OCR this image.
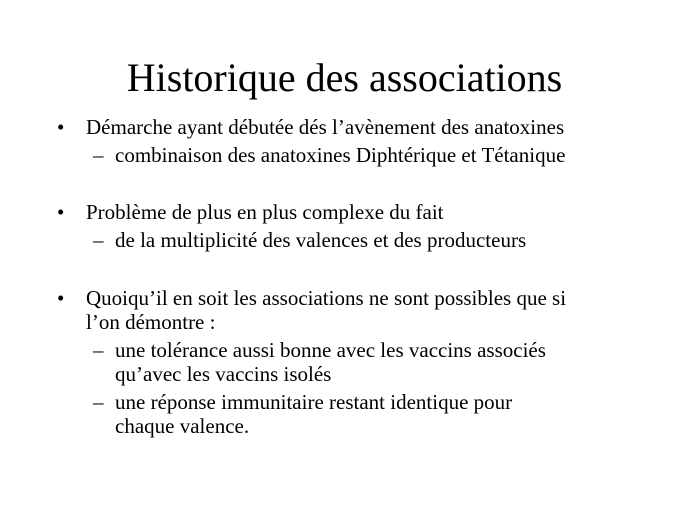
Historique des associations
• Démarche ayant débutée dés l’avènement des anatoxines
– combinaison des anatoxines Diphtérique et Tétanique
• Problème de plus en plus complexe du fait
– de la multiplicité des valences et des producteurs
• Quoiqu’il en soit les associations ne sont possibles que si
l’on démontre :
– une tolérance aussi bonne avec les vaccins associés
qu’avec les vaccins isolés
– une réponse immunitaire restant identique pour
chaque valence.
